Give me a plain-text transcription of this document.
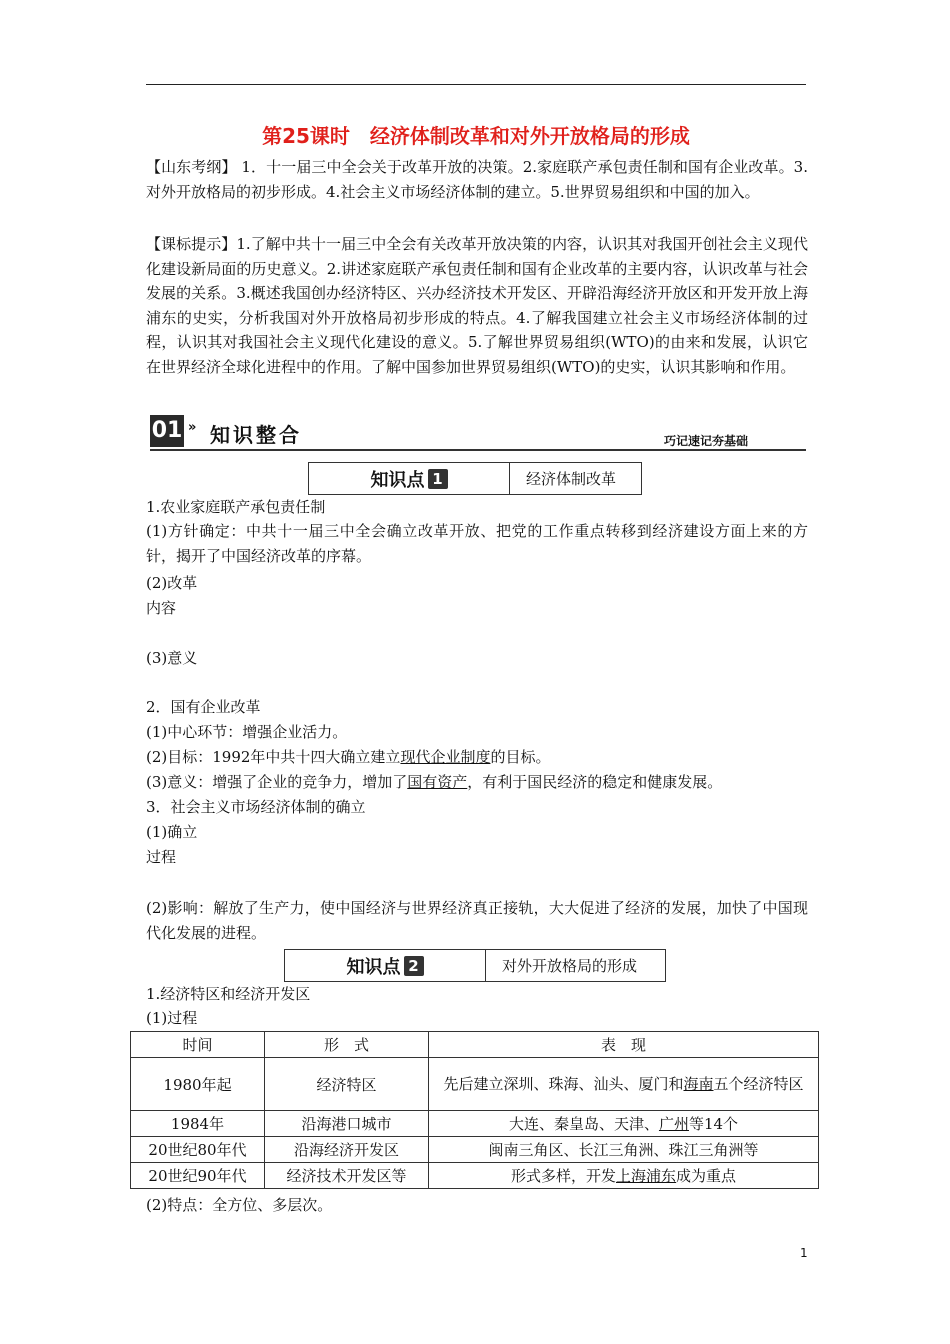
第25课时　经济体制改革和对外开放格局的形成
【山东考纲】 1．十一届三中全会关于改革开放的决策。2.家庭联产承包责任制和国有企业改革。3.对外开放格局的初步形成。4.社会主义市场经济体制的建立。5.世界贸易组织和中国的加入。
【课标提示】1.了解中共十一届三中全会有关改革开放决策的内容，认识其对我国开创社会主义现代化建设新局面的历史意义。2.讲述家庭联产承包责任制和国有企业改革的主要内容，认识改革与社会发展的关系。3.概述我国创办经济特区、兴办经济技术开发区、开辟沿海经济开放区和开发开放上海浦东的史实，分析我国对外开放格局初步形成的特点。4.了解我国建立社会主义市场经济体制的过程，认识其对我国社会主义现代化建设的意义。5.了解世界贸易组织(WTO)的由来和发展，认识它在世界经济全球化进程中的作用。了解中国参加世界贸易组织(WTO)的史实，认识其影响和作用。
01 » 知识整合	巧记速记夯基础
知识点 1	经济体制改革
1.农业家庭联产承包责任制
(1)方针确定：中共十一届三中全会确立改革开放、把党的工作重点转移到经济建设方面上来的方针，揭开了中国经济改革的序幕。
(2)改革
内容
(3)意义
2．国有企业改革
(1)中心环节：增强企业活力。
(2)目标：1992年中共十四大确立建立现代企业制度的目标。
(3)意义：增强了企业的竞争力，增加了国有资产，有利于国民经济的稳定和健康发展。
3．社会主义市场经济体制的确立
(1)确立
过程
(2)影响：解放了生产力，使中国经济与世界经济真正接轨，大大促进了经济的发展，加快了中国现代化发展的进程。
知识点 2	对外开放格局的形成
1.经济特区和经济开发区
(1)过程
时间	形　式	表　现
1980年起	经济特区	先后建立深圳、珠海、汕头、厦门和海南五个经济特区
1984年	沿海港口城市	大连、秦皇岛、天津、广州等14个
20世纪80年代	沿海经济开发区	闽南三角区、长江三角洲、珠江三角洲等
20世纪90年代	经济技术开发区等	形式多样，开发上海浦东成为重点
(2)特点：全方位、多层次。
1
